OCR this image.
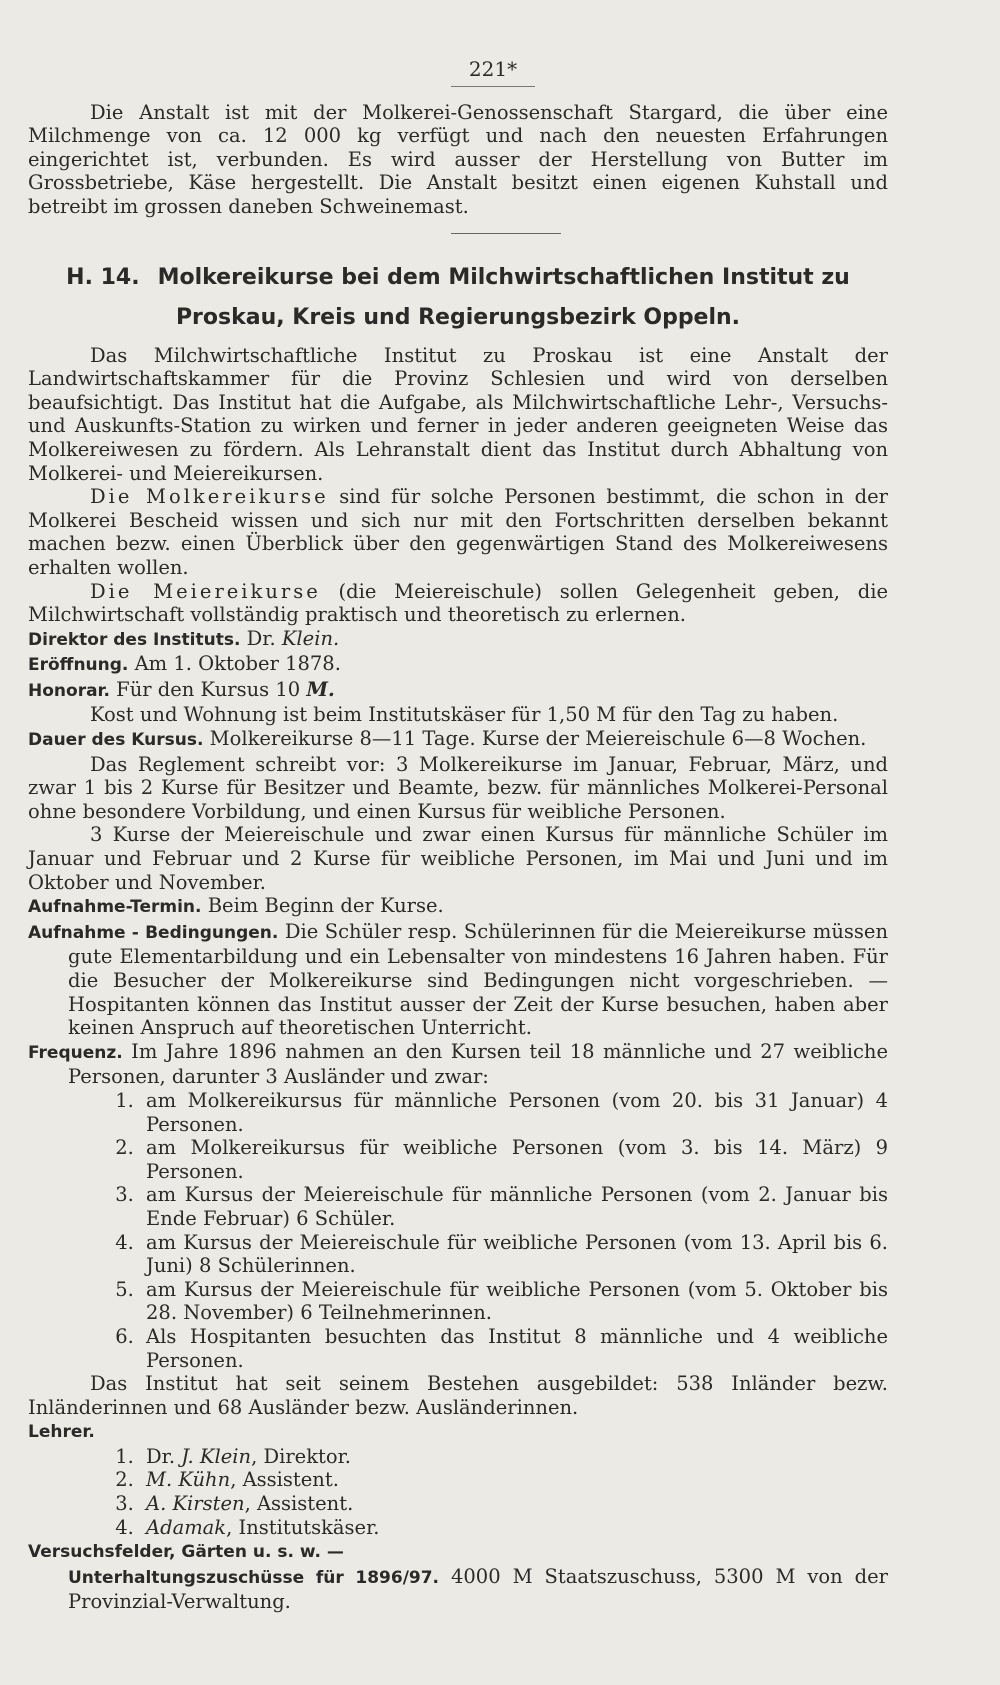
221*

Die Anstalt ist mit der Molkerei-Genossenschaft Stargard, die über eine Milchmenge von ca. 12 000 kg verfügt und nach den neuesten Erfahrungen eingerichtet ist, verbunden. Es wird ausser der Herstellung von Butter im Grossbetriebe, Käse hergestellt. Die Anstalt besitzt einen eigenen Kuhstall und betreibt im grossen daneben Schweinemast.

H. 14. Molkereikurse bei dem Milchwirtschaftlichen Institut zu Proskau, Kreis und Regierungsbezirk Oppeln.

Das Milchwirtschaftliche Institut zu Proskau ist eine Anstalt der Landwirtschaftskammer für die Provinz Schlesien und wird von derselben beaufsichtigt. Das Institut hat die Aufgabe, als Milchwirtschaftliche Lehr-, Versuchs- und Auskunfts-Station zu wirken und ferner in jeder anderen geeigneten Weise das Molkereiwesen zu fördern. Als Lehranstalt dient das Institut durch Abhaltung von Molkerei- und Meiereikursen.

Die Molkereikurse sind für solche Personen bestimmt, die schon in der Molkerei Bescheid wissen und sich nur mit den Fortschritten derselben bekannt machen bezw. einen Überblick über den gegenwärtigen Stand des Molkereiwesens erhalten wollen.

Die Meiereikurse (die Meiereischule) sollen Gelegenheit geben, die Milchwirtschaft vollständig praktisch und theoretisch zu erlernen.

Direktor des Instituts. Dr. Klein.

Eröffnung. Am 1. Oktober 1878.

Honorar. Für den Kursus 10 M.

Kost und Wohnung ist beim Institutskäser für 1,50 M für den Tag zu haben.

Dauer des Kursus. Molkereikurse 8—11 Tage. Kurse der Meiereischule 6—8 Wochen.

Das Reglement schreibt vor: 3 Molkereikurse im Januar, Februar, März, und zwar 1 bis 2 Kurse für Besitzer und Beamte, bezw. für männliches Molkerei-Personal ohne besondere Vorbildung, und einen Kursus für weibliche Personen.

3 Kurse der Meiereischule und zwar einen Kursus für männliche Schüler im Januar und Februar und 2 Kurse für weibliche Personen, im Mai und Juni und im Oktober und November.

Aufnahme-Termin. Beim Beginn der Kurse.

Aufnahme - Bedingungen. Die Schüler resp. Schülerinnen für die Meiereikurse müssen gute Elementarbildung und ein Lebensalter von mindestens 16 Jahren haben. Für die Besucher der Molkereikurse sind Bedingungen nicht vorgeschrieben. — Hospitanten können das Institut ausser der Zeit der Kurse besuchen, haben aber keinen Anspruch auf theoretischen Unterricht.

Frequenz. Im Jahre 1896 nahmen an den Kursen teil 18 männliche und 27 weibliche Personen, darunter 3 Ausländer und zwar:

1. am Molkereikursus für männliche Personen (vom 20. bis 31 Januar) 4 Personen.
2. am Molkereikursus für weibliche Personen (vom 3. bis 14. März) 9 Personen.
3. am Kursus der Meiereischule für männliche Personen (vom 2. Januar bis Ende Februar) 6 Schüler.
4. am Kursus der Meiereischule für weibliche Personen (vom 13. April bis 6. Juni) 8 Schülerinnen.
5. am Kursus der Meiereischule für weibliche Personen (vom 5. Oktober bis 28. November) 6 Teilnehmerinnen.
6. Als Hospitanten besuchten das Institut 8 männliche und 4 weibliche Personen.

Das Institut hat seit seinem Bestehen ausgebildet: 538 Inländer bezw. Inländerinnen und 68 Ausländer bezw. Ausländerinnen.

Lehrer.

1. Dr. J. Klein, Direktor.
2. M. Kühn, Assistent.
3. A. Kirsten, Assistent.
4. Adamak, Institutskäser.

Versuchsfelder, Gärten u. s. w. —
Unterhaltungszuschüsse für 1896/97. 4000 M Staatszuschuss, 5300 M von der Provinzial-Verwaltung.
